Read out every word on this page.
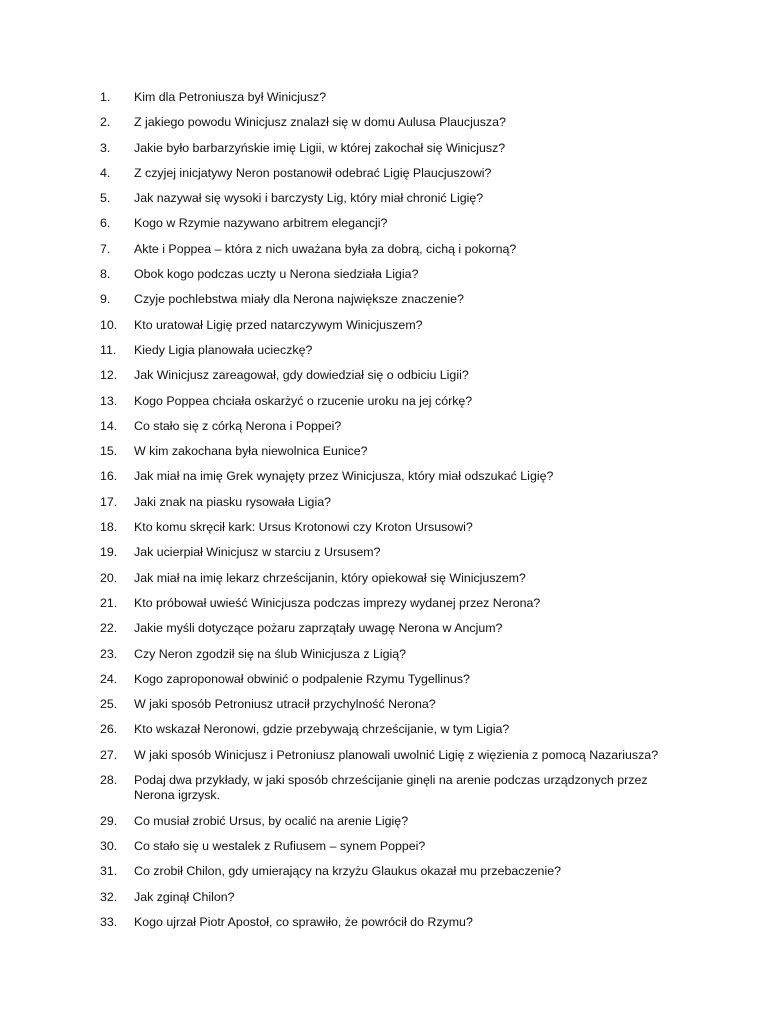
1.	Kim dla Petroniusza był Winicjusz?
2.	Z jakiego powodu Winicjusz znalazł się w domu Aulusa Plaucjusza?
3.	Jakie było barbarzyńskie imię Ligii, w której zakochał się Winicjusz?
4.	Z czyjej inicjatywy Neron postanowił odebrać Ligię Plaucjuszowi?
5.	Jak nazywał się wysoki i barczysty Lig, który miał chronić Ligię?
6.	Kogo w Rzymie nazywano arbitrem elegancji?
7.	Akte i Poppea – która z nich uważana była za dobrą, cichą i pokorną?
8.	Obok kogo podczas uczty u Nerona siedziała Ligia?
9.	Czyje pochlebstwa miały dla Nerona największe znaczenie?
10.	Kto uratował Ligię przed natarczywym Winicjuszem?
11.	Kiedy Ligia planowała ucieczkę?
12.	Jak Winicjusz zareagował, gdy dowiedział się o odbiciu Ligii?
13.	Kogo Poppea chciała oskarżyć o rzucenie uroku na jej córkę?
14.	Co stało się z córką Nerona i Poppei?
15.	W kim zakochana była niewolnica Eunice?
16.	Jak miał na imię Grek wynajęty przez Winicjusza, który miał odszukać Ligię?
17.	Jaki znak na piasku rysowała Ligia?
18.	Kto komu skręcił kark: Ursus Krotonowi czy Kroton Ursusowi?
19.	Jak ucierpiał Winicjusz w starciu z Ursusem?
20.	Jak miał na imię lekarz chrześcijanin, który opiekował się Winicjuszem?
21.	Kto próbował uwieść Winicjusza podczas imprezy wydanej przez Nerona?
22.	Jakie myśli dotyczące pożaru zaprzątały uwagę Nerona w Ancjum?
23.	Czy Neron zgodził się na ślub Winicjusza z Ligią?
24.	Kogo zaproponował obwinić o podpalenie Rzymu Tygellinus?
25.	W jaki sposób Petroniusz utracił przychylność Nerona?
26.	Kto wskazał Neronowi, gdzie przebywają chrześcijanie, w tym Ligia?
27.	W jaki sposób Winicjusz i Petroniusz planowali uwolnić Ligię z więzienia z pomocą Nazariusza?
28.	Podaj dwa przykłady, w jaki sposób chrześcijanie ginęli na arenie podczas urządzonych przez Nerona igrzysk.
29.	Co musiał zrobić Ursus, by ocalić na arenie Ligię?
30.	Co stało się u westalek z Rufiusem – synem Poppei?
31.	Co zrobił Chilon, gdy umierający na krzyżu Glaukus okazał mu przebaczenie?
32.	Jak zginął Chilon?
33.	Kogo ujrzał Piotr Apostoł, co sprawiło, że powrócił do Rzymu?
